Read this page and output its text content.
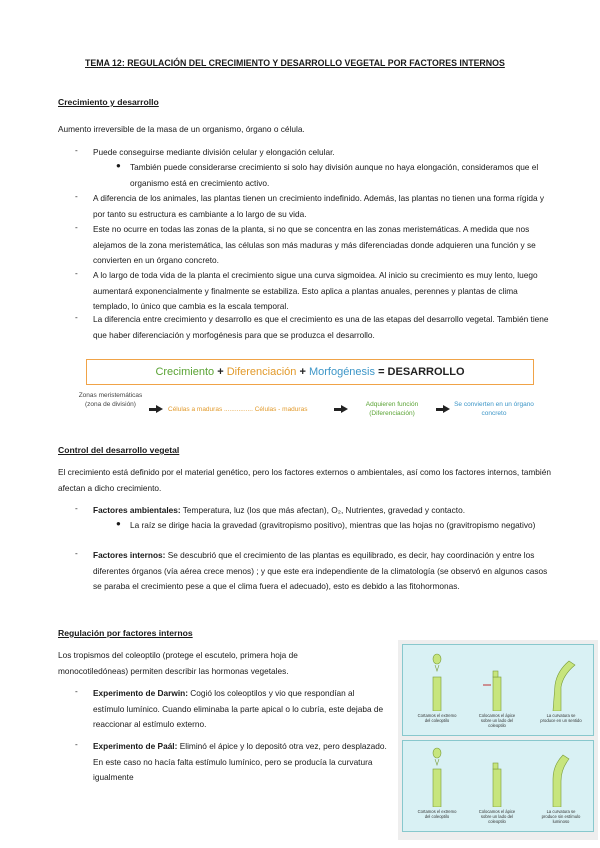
TEMA 12: REGULACIÓN DEL CRECIMIENTO Y DESARROLLO VEGETAL POR FACTORES INTERNOS
Crecimiento y desarrollo
Aumento irreversible de la masa de un organismo, órgano o célula.
- Puede conseguirse mediante división celular y elongación celular.
● También puede considerarse crecimiento si solo hay división aunque no haya elongación, consideramos que el organismo está en crecimiento activo.
- A diferencia de los animales, las plantas tienen un crecimiento indefinido. Además, las plantas no tienen una forma rígida y por tanto su estructura es cambiante a lo largo de su vida.
- Este no ocurre en todas las zonas de la planta, si no que se concentra en las zonas meristemáticas. A medida que nos alejamos de la zona meristemática, las células son más maduras y más diferenciadas donde adquieren una función y se convierten en un órgano concreto.
- A lo largo de toda vida de la planta el crecimiento sigue una curva sigmoidea. Al inicio su crecimiento es muy lento, luego aumentará exponencialmente y finalmente se estabiliza. Esto aplica a plantas anuales, perennes y plantas de clima templado, lo único que cambia es la escala temporal.
- La diferencia entre crecimiento y desarrollo es que el crecimiento es una de las etapas del desarrollo vegetal. También tiene que haber diferenciación y morfogénesis para que se produzca el desarrollo.
Crecimiento
+
Diferenciación
+
Morfogénesis
= DESARROLLO
Zonas meristemáticas (zona de división)
Células a maduras ................ Células - maduras
Adquieren función (Diferenciación)
Se convierten en un órgano concreto
Control del desarrollo vegetal
El crecimiento está definido por el material genético, pero los factores externos o ambientales, así como los factores internos, también afectan a dicho crecimiento.
- Factores ambientales: Temperatura, luz (los que más afectan), O₂, Nutrientes, gravedad y contacto.
● La raíz se dirige hacia la gravedad (gravitropismo positivo), mientras que las hojas no (gravitropismo negativo)
- Factores internos: Se descubrió que el crecimiento de las plantas es equilibrado, es decir, hay coordinación y entre los diferentes órganos (vía aérea crece menos) ; y que este era independiente de la climatología (se observó en algunos casos se paraba el crecimiento pese a que el clima fuera el adecuado), esto es debido a las fitohormonas.
Regulación por factores internos
Los tropismos del coleoptilo (protege el escutelo, primera hoja de monocotiledóneas) permiten describir las hormonas vegetales.
- Experimento de Darwin: Cogió los coleoptilos y vio que respondían al estímulo lumínico. Cuando eliminaba la parte apical o lo cubría, este dejaba de reaccionar al estímulo externo.
- Experimento de Paál: Eliminó el ápice y lo depositó otra vez, pero desplazado. En este caso no hacía falta estímulo lumínico, pero se producía la curvatura igualmente
Cortamos el extremo del coleoptilo
Colocamos el ápice sobre un lado del coleoptilo
La curvatura se produce en un sentido
Cortamos el extremo del coleoptilo
Colocamos el ápice sobre un lado del coleoptilo
La curvatura se produce sin estímulo luminoso
